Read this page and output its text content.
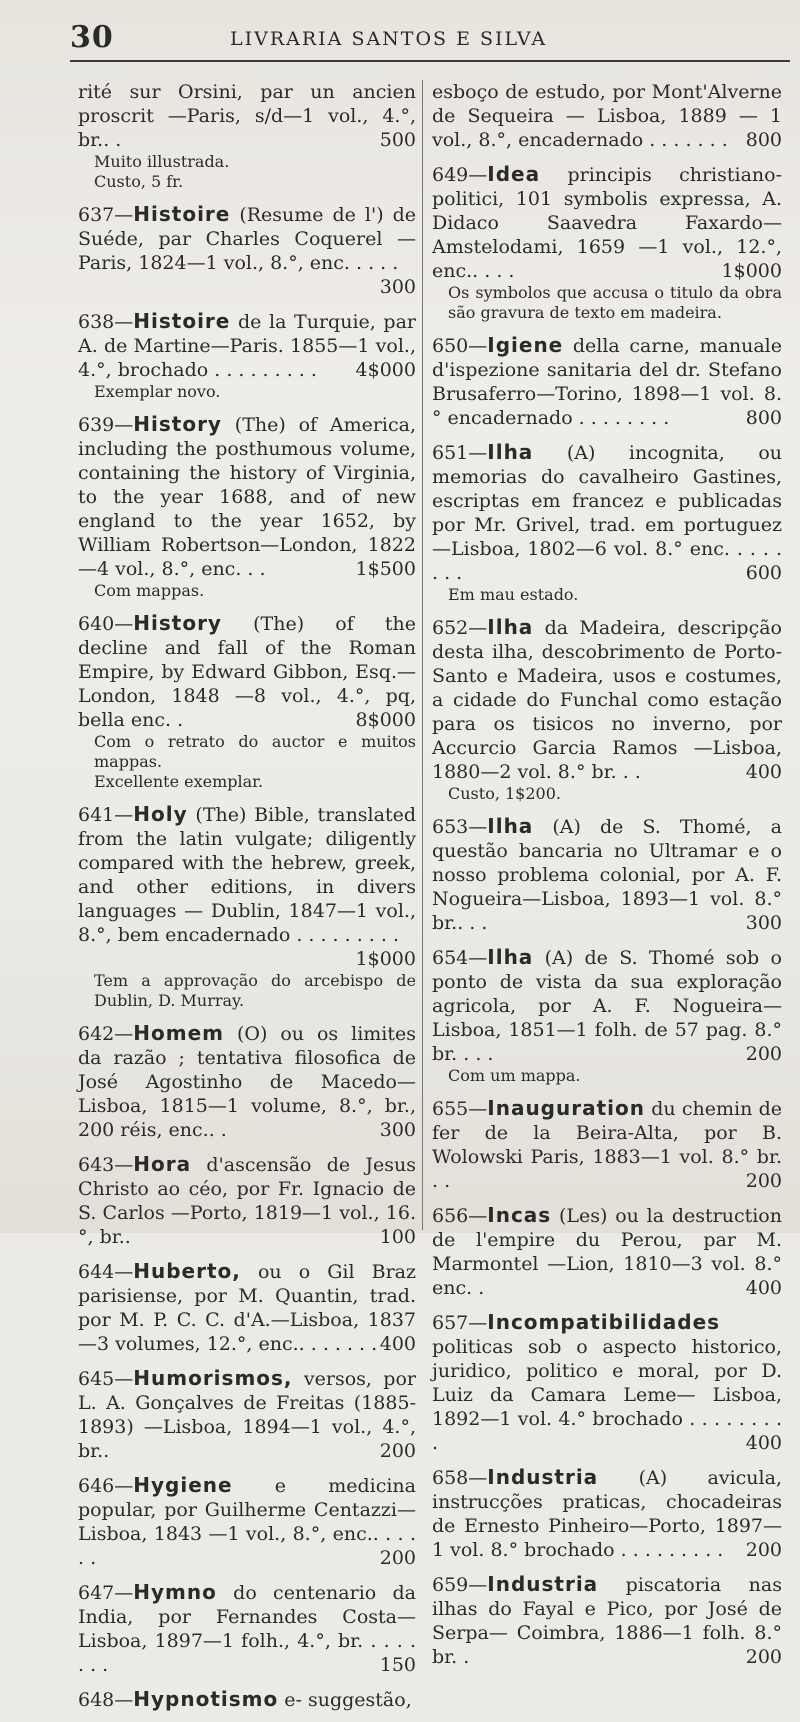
30	LIVRARIA SANTOS E SILVA
rité sur Orsini, par un ancien proscrit —Paris, s/d—1 vol., 4.°, br.. .	500
Muito illustrada.
Custo, 5 fr.
637—Histoire (Resume de l') de Suéde, par Charles Coquerel — Paris, 1824—1 vol., 8.°, enc. . . . .
300
638—Histoire de la Turquie, par A. de Martine—Paris. 1855—1 vol., 4.°, brochado . . . . . . . . . 4$000
Exemplar novo.
639—History (The) of America, including the posthumous volume, containing the history of Virginia, to the year 1688, and of new england to the year 1652, by William Robertson—London, 1822—4 vol., 8.°, enc. . .	1$500
Com mappas.
640—History (The) of the decline and fall of the Roman Empire, by Edward Gibbon, Esq.—London, 1848 —8 vol., 4.°, pq, bella enc. .	8$000
Com o retrato do auctor e muitos mappas.
Excellente exemplar.
641—Holy (The) Bible, translated from the latin vulgate; diligently compared with the hebrew, greek, and other editions, in divers languages — Dublin, 1847—1 vol., 8.°, bem encadernado . . . . . . . . .
1$000
Tem a approvação do arcebispo de Dublin, D. Murray.
642—Homem (O) ou os limites da razão ; tentativa filosofica de José Agostinho de Macedo—Lisboa, 1815—1 volume, 8.°, br., 200 réis, enc.. .	300
643—Hora d'ascensão de Jesus Christo ao céo, por Fr. Ignacio de S. Carlos —Porto, 1819—1 vol., 16.°, br..	100
644—Huberto, ou o Gil Braz parisiense, por M. Quantin, trad. por M. P. C. C. d'A.—Lisboa, 1837—3 volumes, 12.°, enc.. . . . . . . 400
645—Humorismos, versos, por L. A. Gonçalves de Freitas (1885-1893) —Lisboa, 1894—1 vol., 4.°, br..	200
646—Hygiene e medicina popular, por Guilherme Centazzi—Lisboa, 1843 —1 vol., 8.°, enc.. . . . . .	200
647—Hymno do centenario da India, por Fernandes Costa—Lisboa, 1897—1 folh., 4.°, br. . . . . . . .	150
648—Hypnotismo e- suggestão,
esboço de estudo, por Mont'Alverne de Sequeira — Lisboa, 1889 — 1 vol., 8.°, encadernado . . . . . . . 800
649—Idea principis christiano-politici, 101 symbolis expressa, A. Didaco Saavedra Faxardo—Amstelodami, 1659 —1 vol., 12.°, enc.. . . .	1$000
Os symbolos que accusa o titulo da obra são gravura de texto em madeira.
650—Igiene della carne, manuale d'ispezione sanitaria del dr. Stefano Brusaferro—Torino, 1898—1 vol. 8.° encadernado . . . . . . . .	800
651—Ilha (A) incognita, ou memorias do cavalheiro Gastines, escriptas em francez e publicadas por Mr. Grivel, trad. em portuguez—Lisboa, 1802—6 vol. 8.° enc. . . . . . . .	600
Em mau estado.
652—Ilha da Madeira, descripção desta ilha, descobrimento de Porto-Santo e Madeira, usos e costumes, a cidade do Funchal como estação para os tisicos no inverno, por Accurcio Garcia Ramos —Lisboa, 1880—2 vol. 8.° br. . .	400
Custo, 1$200.
653—Ilha (A) de S. Thomé, a questão bancaria no Ultramar e o nosso problema colonial, por A. F. Nogueira—Lisboa, 1893—1 vol. 8.° br.. . .	300
654—Ilha (A) de S. Thomé sob o ponto de vista da sua exploração agricola, por A. F. Nogueira—Lisboa, 1851—1 folh. de 57 pag. 8.° br. . . .	200
Com um mappa.
655—Inauguration du chemin de fer de la Beira-Alta, por B. Wolowski Paris, 1883—1 vol. 8.° br. . .	200
656—Incas (Les) ou la destruction de l'empire du Perou, par M. Marmontel —Lion, 1810—3 vol. 8.° enc. .	400
657—Incompatibilidades politicas sob o aspecto historico, juridico, politico e moral, por D. Luiz da Camara Leme— Lisboa, 1892—1 vol. 4.° brochado . . . . . . . . .	400
658—Industria (A) avicula, instrucções praticas, chocadeiras de Ernesto Pinheiro—Porto, 1897—1 vol. 8.° brochado . . . . . . . . . 200
659—Industria piscatoria nas ilhas do Fayal e Pico, por José de Serpa— Coimbra, 1886—1 folh. 8.° br. .	200
